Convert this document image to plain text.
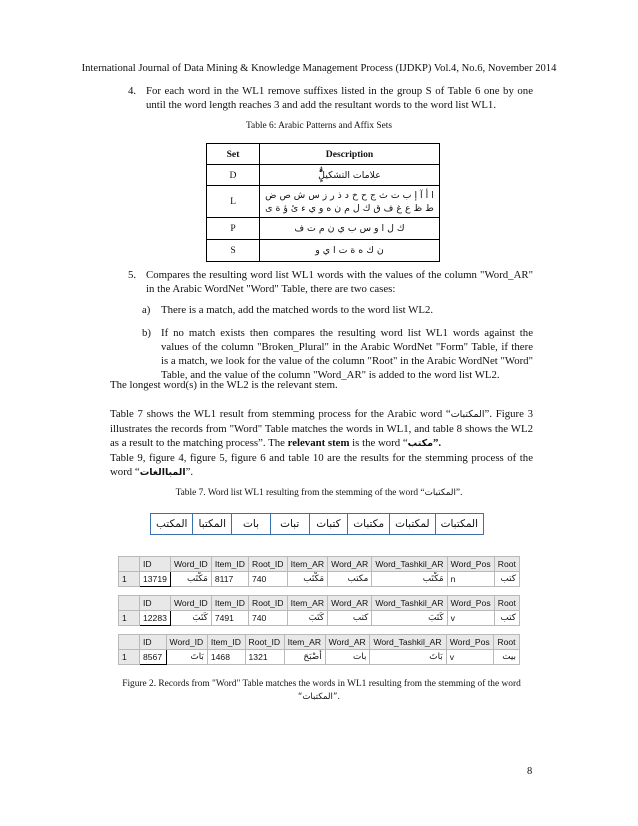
International Journal of Data Mining & Knowledge Management Process (IJDKP) Vol.4, No.6, November 2014
4. For each word in the WL1 remove suffixes listed in the group S of Table 6 one by one until the word length reaches 3 and add the resultant words to the word list WL1.
Table 6: Arabic Patterns and Affix Sets
Set	Description
D	علامات التشكيلٌٍَُِّْ
L	ا أ آ إ ب ت ث ج ح خ د ذ ر ز س ش ص ض ط ظ ع غ ف ق ك ل م ن ه و ي ء ئ ؤ ة ى
P	ك ل ا و س ب ي ن م ت ف
S	ن ك ه ة ت ا ي و
5. Compares the resulting word list WL1 words with the values of the column "Word_AR" in the Arabic WordNet "Word" Table, there are two cases:
a) There is a match, add the matched words to the word list WL2.
b) If no match exists then compares the resulting word list WL1 words against the values of the column "Broken_Plural" in the Arabic WordNet "Form" Table, if there is a match, we look for the value of the column "Root" in the Arabic WordNet "Word" Table, and the value of the column "Word_AR" is added to the word list WL2.
The longest word(s) in the WL2 is the relevant stem.
Table 7 shows the WL1 result from stemming process for the Arabic word “المكتبات”. Figure 3 illustrates the records from "Word" Table matches the words in WL1, and table 8 shows the WL2 as a result to the matching process”. The relevant stem is the word “مكتب”.
Table 9, figure 4, figure 5, figure 6 and table 10 are the results for the stemming process of the word “المباالغات”.
Table 7. Word list WL1 resulting from the stemming of the word “المكتبات”.
المكتبات
لمكتبات
مكتبات
كتبات
تبات
بات
المكتبا
المكتب
	ID	Word_ID	Item_ID	Root_ID	Item_AR	Word_AR	Word_Tashkil_AR	Word_Pos	Root
1	13719	مَكْتَب	8117	740	مَكْتَب	مكتب	مَكْتَب	n	كتب
	ID	Word_ID	Item_ID	Root_ID	Item_AR	Word_AR	Word_Tashkil_AR	Word_Pos	Root
1	12283	كَتَبَ	7491	740	كَتَبَ	كتب	كَتَبَ	v	كتب
	ID	Word_ID	Item_ID	Root_ID	Item_AR	Word_AR	Word_Tashkil_AR	Word_Pos	Root
1	8567	بَاتَ	1468	1321	أَصْبَحَ	بات	بَاتَ	v	بيت
Figure 2. Records from "Word" Table matches the words in WL1 resulting from the stemming of the word
“المكتبات”.
8
